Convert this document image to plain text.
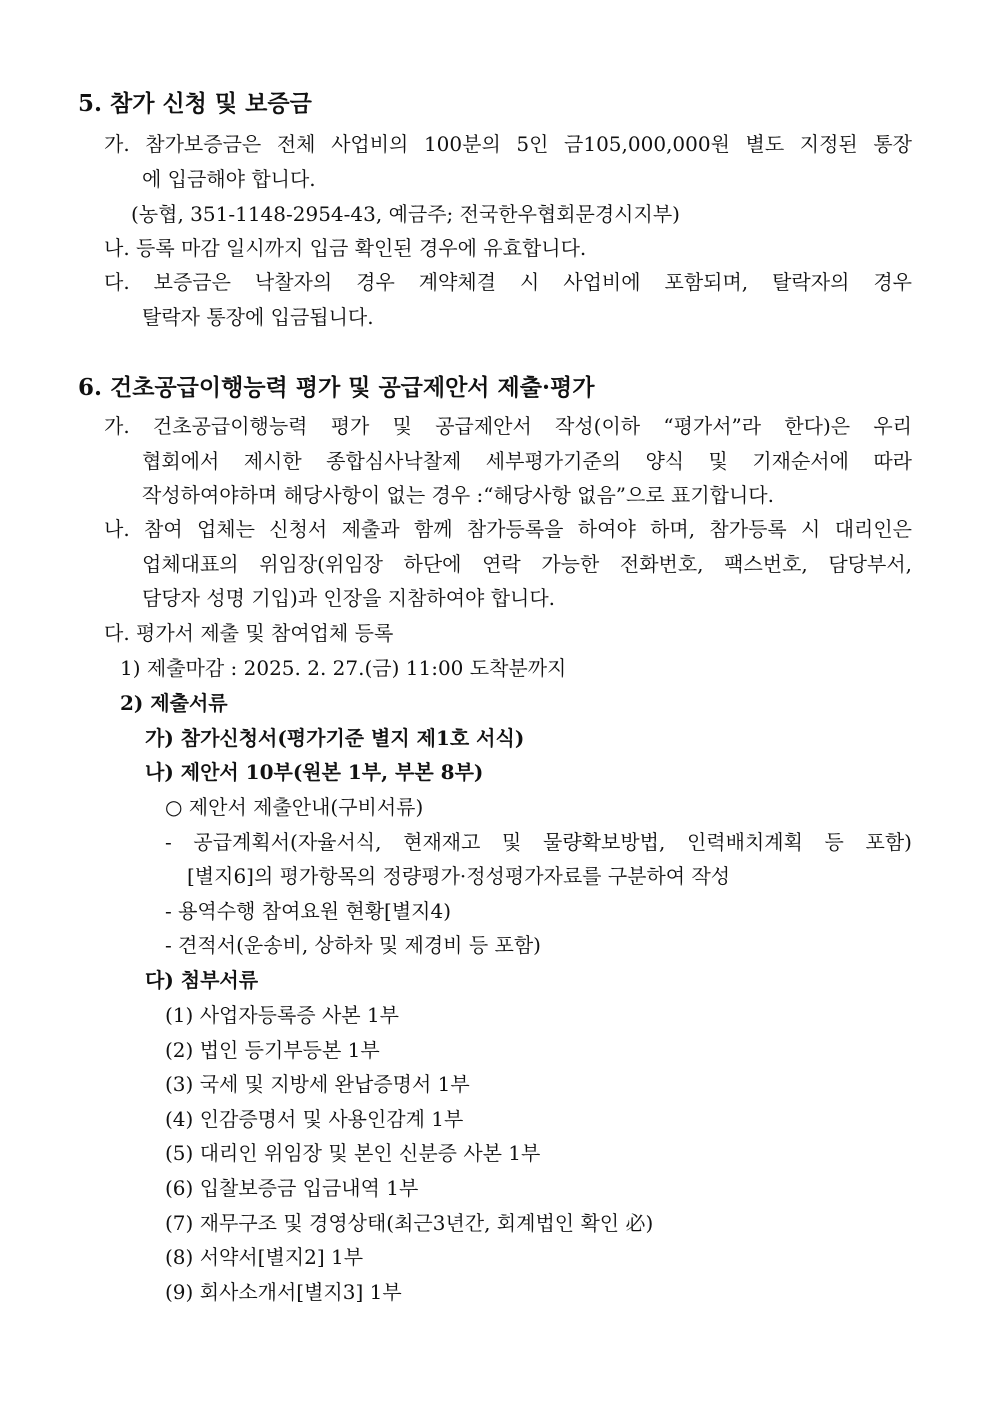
5. 참가 신청 및 보증금
가. 참가보증금은 전체 사업비의 100분의 5인 금105,000,000원 별도 지정된 통장
에 입금해야 합니다.
(농협, 351-1148-2954-43, 예금주; 전국한우협회문경시지부)
나. 등록 마감 일시까지 입금 확인된 경우에 유효합니다.
다. 보증금은 낙찰자의 경우 계약체결 시 사업비에 포함되며, 탈락자의 경우
탈락자 통장에 입금됩니다.
6. 건초공급이행능력 평가 및 공급제안서 제출·평가
가. 건초공급이행능력 평가 및 공급제안서 작성(이하 “평가서”라 한다)은 우리
협회에서 제시한 종합심사낙찰제 세부평가기준의 양식 및 기재순서에 따라
작성하여야하며 해당사항이 없는 경우 :“해당사항 없음”으로 표기합니다.
나. 참여 업체는 신청서 제출과 함께 참가등록을 하여야 하며, 참가등록 시 대리인은
업체대표의 위임장(위임장 하단에 연락 가능한 전화번호, 팩스번호, 담당부서,
담당자 성명 기입)과 인장을 지참하여야 합니다.
다. 평가서 제출 및 참여업체 등록
1) 제출마감 : 2025. 2. 27.(금) 11:00 도착분까지
2) 제출서류
가) 참가신청서(평가기준 별지 제1호 서식)
나) 제안서 10부(원본 1부, 부본 8부)
○ 제안서 제출안내(구비서류)
- 공급계획서(자율서식, 현재재고 및 물량확보방법, 인력배치계획 등 포함)
[별지6]의 평가항목의 정량평가·정성평가자료를 구분하여 작성
- 용역수행 참여요원 현황[별지4)
- 견적서(운송비, 상하차 및 제경비 등 포함)
다) 첨부서류
(1) 사업자등록증 사본 1부
(2) 법인 등기부등본 1부
(3) 국세 및 지방세 완납증명서 1부
(4) 인감증명서 및 사용인감계 1부
(5) 대리인 위임장 및 본인 신분증 사본 1부
(6) 입찰보증금 입금내역 1부
(7) 재무구조 및 경영상태(최근3년간, 회계법인 확인 必)
(8) 서약서[별지2] 1부
(9) 회사소개서[별지3] 1부
